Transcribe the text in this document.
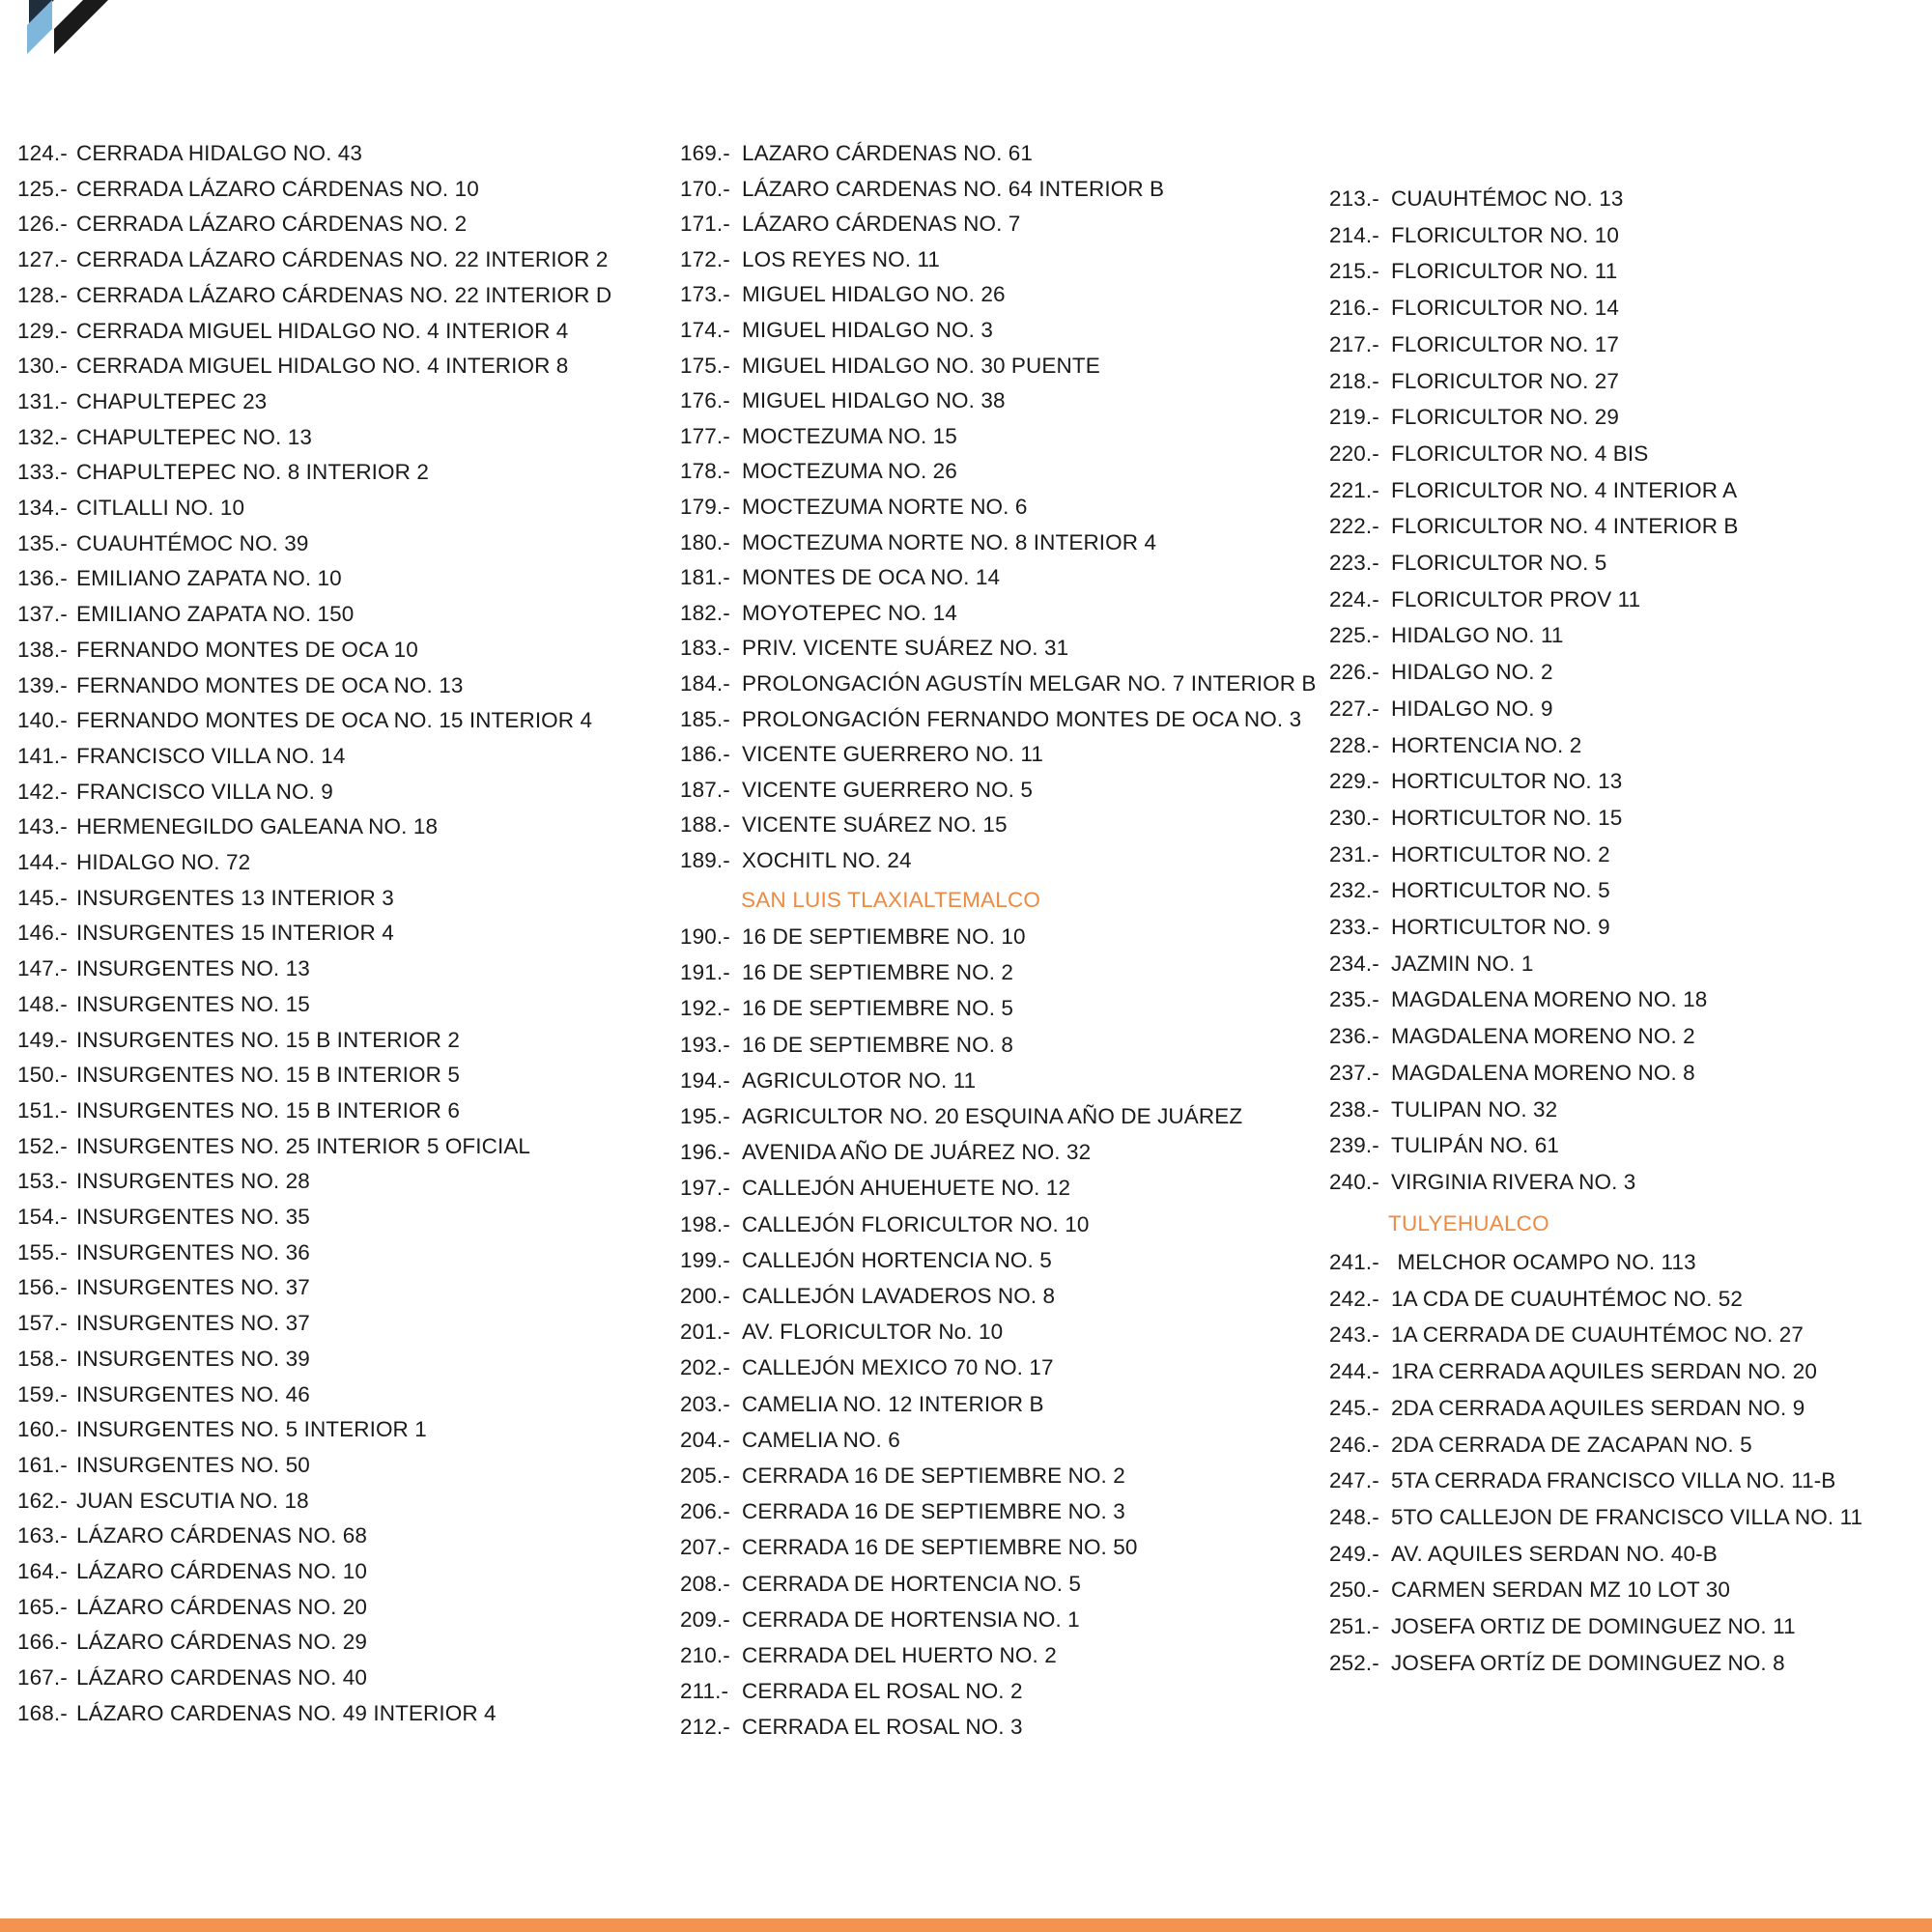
124.- CERRADA HIDALGO NO. 43
125.- CERRADA LÁZARO CÁRDENAS NO. 10
126.- CERRADA LÁZARO CÁRDENAS NO. 2
127.- CERRADA LÁZARO CÁRDENAS NO. 22 INTERIOR 2
128.- CERRADA LÁZARO CÁRDENAS NO. 22 INTERIOR D
129.- CERRADA MIGUEL HIDALGO NO. 4 INTERIOR 4
130.- CERRADA MIGUEL HIDALGO NO. 4 INTERIOR 8
131.- CHAPULTEPEC 23
132.- CHAPULTEPEC NO. 13
133.- CHAPULTEPEC NO. 8 INTERIOR 2
134.- CITLALLI NO. 10
135.- CUAUHTÉMOC NO. 39
136.- EMILIANO ZAPATA NO. 10
137.- EMILIANO ZAPATA NO. 150
138.- FERNANDO MONTES DE OCA 10
139.- FERNANDO MONTES DE OCA NO. 13
140.- FERNANDO MONTES DE OCA NO. 15 INTERIOR 4
141.- FRANCISCO VILLA NO. 14
142.- FRANCISCO VILLA NO. 9
143.- HERMENEGILDO GALEANA NO. 18
144.- HIDALGO NO. 72
145.- INSURGENTES 13 INTERIOR 3
146.- INSURGENTES 15 INTERIOR 4
147.- INSURGENTES NO. 13
148.- INSURGENTES NO. 15
149.- INSURGENTES NO. 15 B INTERIOR 2
150.- INSURGENTES NO. 15 B INTERIOR 5
151.- INSURGENTES NO. 15 B INTERIOR 6
152.- INSURGENTES NO. 25 INTERIOR 5 OFICIAL
153.- INSURGENTES NO. 28
154.- INSURGENTES NO. 35
155.- INSURGENTES NO. 36
156.- INSURGENTES NO. 37
157.- INSURGENTES NO. 37
158.- INSURGENTES NO. 39
159.- INSURGENTES NO. 46
160.- INSURGENTES NO. 5 INTERIOR 1
161.- INSURGENTES NO. 50
162.- JUAN ESCUTIA NO. 18
163.- LÁZARO CÁRDENAS NO. 68
164.- LÁZARO CÁRDENAS NO. 10
165.- LÁZARO CÁRDENAS NO. 20
166.- LÁZARO CÁRDENAS NO. 29
167.- LÁZARO CARDENAS NO. 40
168.- LÁZARO CARDENAS NO. 49 INTERIOR 4
SAN LUIS TLAXIALTEMALCO
169.- LAZARO CÁRDENAS NO. 61
170.- LÁZARO CARDENAS NO. 64 INTERIOR B
171.- LÁZARO CÁRDENAS NO. 7
172.- LOS REYES NO. 11
173.- MIGUEL HIDALGO NO. 26
174.- MIGUEL HIDALGO NO. 3
175.- MIGUEL HIDALGO NO. 30 PUENTE
176.- MIGUEL HIDALGO NO. 38
177.- MOCTEZUMA NO. 15
178.- MOCTEZUMA NO. 26
179.- MOCTEZUMA NORTE NO. 6
180.- MOCTEZUMA NORTE NO. 8 INTERIOR 4
181.- MONTES DE OCA NO. 14
182.- MOYOTEPEC NO. 14
183.- PRIV. VICENTE SUÁREZ NO. 31
184.- PROLONGACIÓN AGUSTÍN MELGAR NO. 7 INTERIOR B
185.- PROLONGACIÓN FERNANDO MONTES DE OCA NO. 3
186.- VICENTE GUERRERO NO. 11
187.- VICENTE GUERRERO NO. 5
188.- VICENTE SUÁREZ NO. 15
189.- XOCHITL NO. 24
190.- 16 DE SEPTIEMBRE NO. 10
191.- 16 DE SEPTIEMBRE NO. 2
192.- 16 DE SEPTIEMBRE NO. 5
193.- 16 DE SEPTIEMBRE NO. 8
194.- AGRICULOTOR NO. 11
195.- AGRICULTOR NO. 20 ESQUINA AÑO DE JUÁREZ
196.- AVENIDA AÑO DE JUÁREZ NO. 32
197.- CALLEJÓN AHUEHUETE NO. 12
198.- CALLEJÓN FLORICULTOR NO. 10
199.- CALLEJÓN HORTENCIA NO. 5
200.- CALLEJÓN LAVADEROS NO. 8
201.- AV. FLORICULTOR No. 10
202.- CALLEJÓN MEXICO 70 NO. 17
203.- CAMELIA NO. 12 INTERIOR B
204.- CAMELIA NO. 6
205.- CERRADA 16 DE SEPTIEMBRE NO. 2
206.- CERRADA 16 DE SEPTIEMBRE NO. 3
207.- CERRADA 16 DE SEPTIEMBRE NO. 50
208.- CERRADA DE HORTENCIA NO. 5
209.- CERRADA DE HORTENSIA NO. 1
210.- CERRADA DEL HUERTO NO. 2
211.- CERRADA EL ROSAL NO. 2
212.- CERRADA EL ROSAL NO. 3
TULYEHUALCO
213.- CUAUHTÉMOC NO. 13
214.- FLORICULTOR NO. 10
215.- FLORICULTOR NO. 11
216.- FLORICULTOR NO. 14
217.- FLORICULTOR NO. 17
218.- FLORICULTOR NO. 27
219.- FLORICULTOR NO. 29
220.- FLORICULTOR NO. 4 BIS
221.- FLORICULTOR NO. 4 INTERIOR A
222.- FLORICULTOR NO. 4 INTERIOR B
223.- FLORICULTOR NO. 5
224.- FLORICULTOR PROV 11
225.- HIDALGO NO. 11
226.- HIDALGO NO. 2
227.- HIDALGO NO. 9
228.- HORTENCIA NO. 2
229.- HORTICULTOR NO. 13
230.- HORTICULTOR NO. 15
231.- HORTICULTOR NO. 2
232.- HORTICULTOR NO. 5
233.- HORTICULTOR NO. 9
234.- JAZMIN NO. 1
235.- MAGDALENA MORENO NO. 18
236.- MAGDALENA MORENO NO. 2
237.- MAGDALENA MORENO NO. 8
238.- TULIPAN NO. 32
239.- TULIPÁN NO. 61
240.- VIRGINIA RIVERA NO. 3
241.- MELCHOR OCAMPO NO. 113
242.- 1A CDA DE CUAUHTÉMOC NO. 52
243.- 1A CERRADA DE CUAUHTÉMOC NO. 27
244.- 1RA CERRADA AQUILES SERDAN NO. 20
245.- 2DA CERRADA AQUILES SERDAN NO. 9
246.- 2DA CERRADA DE ZACAPAN NO. 5
247.- 5TA CERRADA FRANCISCO VILLA NO. 11-B
248.- 5TO CALLEJON DE FRANCISCO VILLA NO. 11
249.- AV. AQUILES SERDAN NO. 40-B
250.- CARMEN SERDAN MZ 10 LOT 30
251.- JOSEFA ORTIZ DE DOMINGUEZ NO. 11
252.- JOSEFA ORTÍZ DE DOMINGUEZ NO. 8
